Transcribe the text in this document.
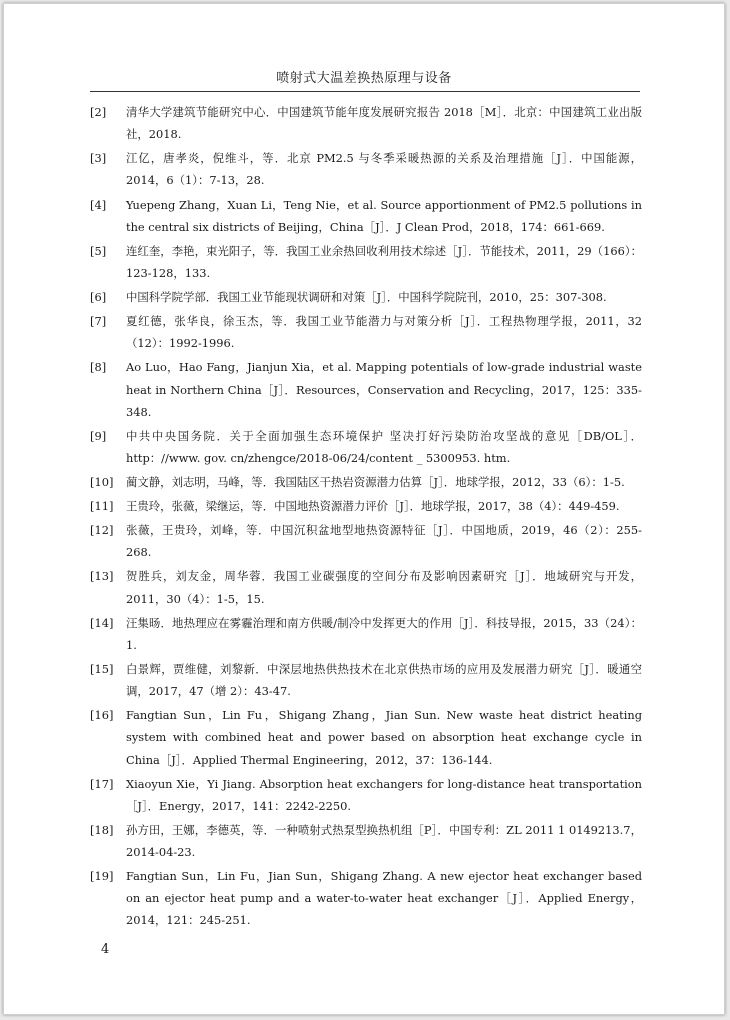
喷射式大温差换热原理与设备
[2] 清华大学建筑节能研究中心．中国建筑节能年度发展研究报告 2018［M］．北京：中国建筑工业出版社，2018.
[3] 江亿，唐孝炎，倪维斗，等．北京 PM2.5 与冬季采暖热源的关系及治理措施［J］．中国能源，2014，6（1）：7-13，28.
[4] Yuepeng Zhang，Xuan Li，Teng Nie，et al. Source apportionment of PM2.5 pollutions in the central six districts of Beijing，China［J］．J Clean Prod，2018，174：661-669.
[5] 连红奎，李艳，束光阳子，等．我国工业余热回收利用技术综述［J］．节能技术，2011，29（166）：123-128，133.
[6] 中国科学院学部．我国工业节能现状调研和对策［J］．中国科学院院刊，2010，25：307-308.
[7] 夏红德，张华良，徐玉杰，等．我国工业节能潜力与对策分析［J］．工程热物理学报，2011，32（12）：1992-1996.
[8] Ao Luo，Hao Fang，Jianjun Xia，et al. Mapping potentials of low-grade industrial waste heat in Northern China［J］．Resources，Conservation and Recycling，2017，125：335-348.
[9] 中共中央国务院．关于全面加强生态环境保护 坚决打好污染防治攻坚战的意见［DB/OL］．http：//www. gov. cn/zhengce/2018-06/24/content _ 5300953. htm.
[10] 蔺文静，刘志明，马峰，等．我国陆区干热岩资源潜力估算［J］．地球学报，2012，33（6）：1-5.
[11] 王贵玲，张薇，梁继运，等．中国地热资源潜力评价［J］．地球学报，2017，38（4）：449-459.
[12] 张薇，王贵玲，刘峰，等．中国沉积盆地型地热资源特征［J］．中国地质，2019，46（2）：255-268.
[13] 贺胜兵，刘友金，周华蓉．我国工业碳强度的空间分布及影响因素研究［J］．地域研究与开发，2011，30（4）：1-5，15.
[14] 汪集旸．地热理应在雾霾治理和南方供暖/制冷中发挥更大的作用［J］．科技导报，2015，33（24）：1.
[15] 白景辉，贾维健，刘黎新．中深层地热供热技术在北京供热市场的应用及发展潜力研究［J］．暖通空调，2017，47（增 2）：43-47.
[16] Fangtian Sun，Lin Fu，Shigang Zhang，Jian Sun. New waste heat district heating system with combined heat and power based on absorption heat exchange cycle in China［J］．Applied Thermal Engineering，2012，37：136-144.
[17] Xiaoyun Xie，Yi Jiang. Absorption heat exchangers for long-distance heat transportation［J］．Energy，2017，141：2242-2250.
[18] 孙方田，王娜，李德英，等．一种喷射式热泵型换热机组［P］．中国专利：ZL 2011 1 0149213.7，2014-04-23.
[19] Fangtian Sun，Lin Fu，Jian Sun，Shigang Zhang. A new ejector heat exchanger based on an ejector heat pump and a water-to-water heat exchanger［J］．Applied Energy，2014，121：245-251.
4
